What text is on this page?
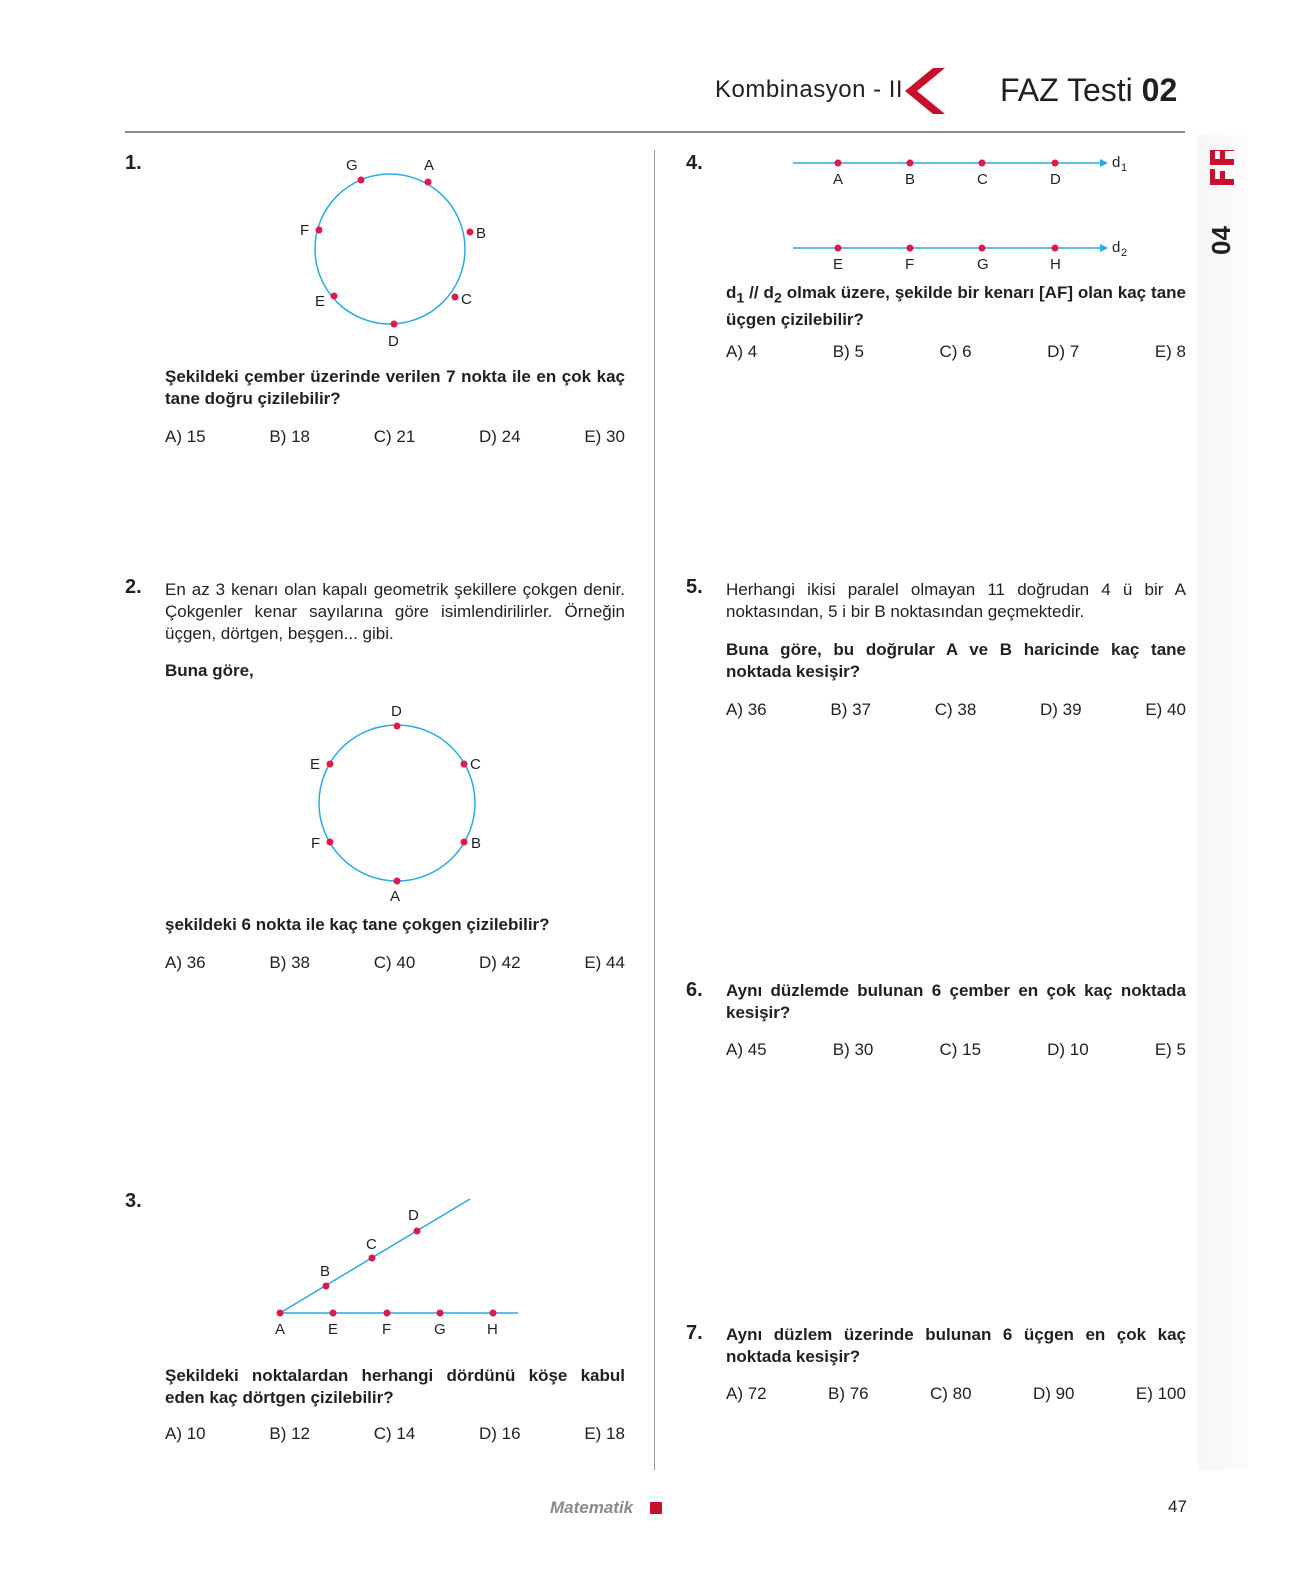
Kombinasyon - II	FAZ Testi 02
04
1.	G	A
B
C
D
E
F
Şekildeki çember üzerinde verilen 7 nokta ile en çok kaç tane doğru çizilebilir?
A) 15	B) 18	C) 21	D) 24	E) 30
2. En az 3 kenarı olan kapalı geometrik şekillere çokgen denir. Çokgenler kenar sayılarına göre isimlendirilirler. Örneğin üçgen, dörtgen, beşgen... gibi.
Buna göre,
D
C
B
A
F
E
şekildeki 6 nokta ile kaç tane çokgen çizilebilir?
A) 36	B) 38	C) 40	D) 42	E) 44
3.
A
B
C
D
E	F	G	H
Şekildeki noktalardan herhangi dördünü köşe kabul eden kaç dörtgen çizilebilir?
A) 10	B) 12	C) 14	D) 16	E) 18
4.
A	B	C	D
E	F	G	H
d 1
d 2
$d_1 // d_2$ olmak üzere, şekilde bir kenarı [AF] olan kaç tane üçgen çizilebilir?
A) 4	B) 5	C) 6	D) 7	E) 8
5. Herhangi ikisi paralel olmayan 11 doğrudan 4 ü bir A noktasından, 5 i bir B noktasından geçmektedir.
Buna göre, bu doğrular A ve B haricinde kaç tane noktada kesişir?
A) 36	B) 37	C) 38	D) 39	E) 40
6. Aynı düzlemde bulunan 6 çember en çok kaç noktada kesişir?
A) 45	B) 30	C) 15	D) 10	E) 5
7. Aynı düzlem üzerinde bulunan 6 üçgen en çok kaç noktada kesişir?
A) 72	B) 76	C) 80	D) 90	E) 100
Matematik	47
